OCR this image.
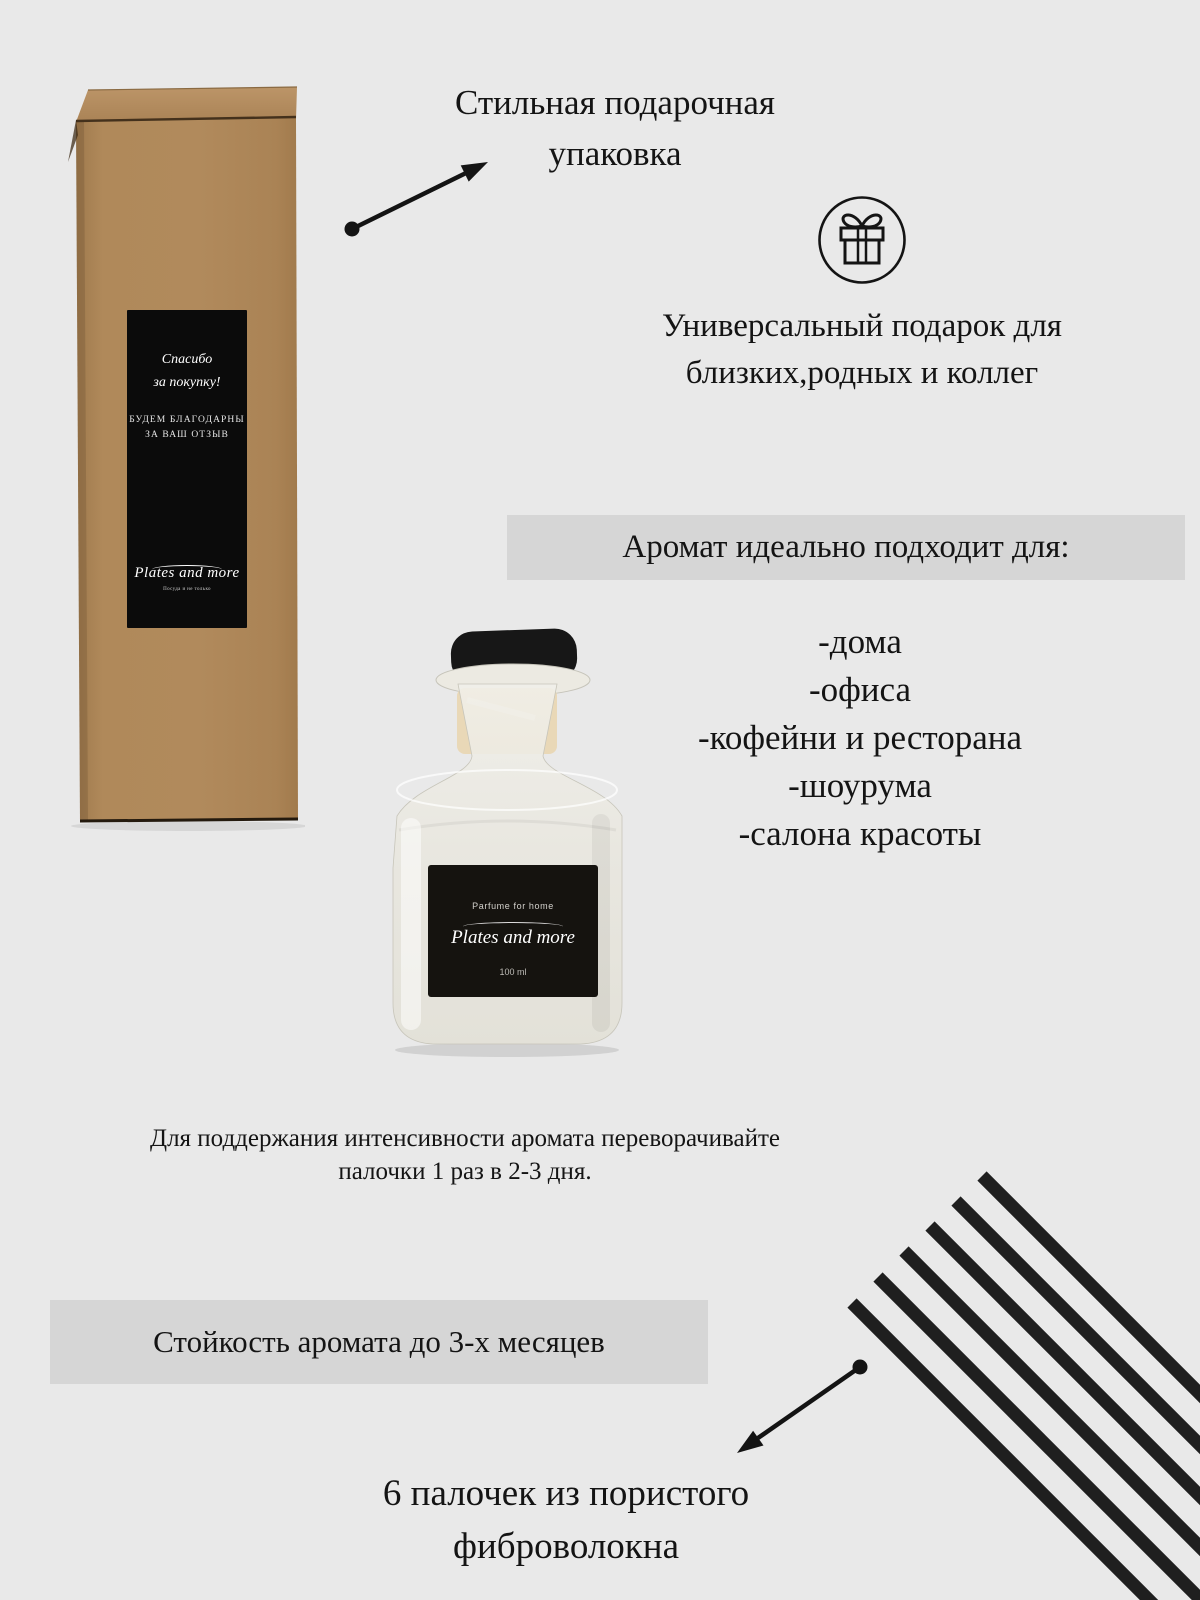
Спасибо
за покупку!
БУДЕМ БЛАГОДАРНЫ
ЗА ВАШ ОТЗЫВ
Plates and more
Посуда и не только
Стильная подарочная
упаковка
Универсальный подарок для
близких,родных и коллег
Аромат идеально подходит для:
-дома
-офиса
-кофейни и ресторана
-шоурума
-салона красоты
Parfume for home
Plates and more
100 ml
Для поддержания интенсивности аромата переворачивайте
палочки 1 раз в 2-3 дня.
Стойкость аромата до 3-х месяцев
6 палочек из пористого
фиброволокна
